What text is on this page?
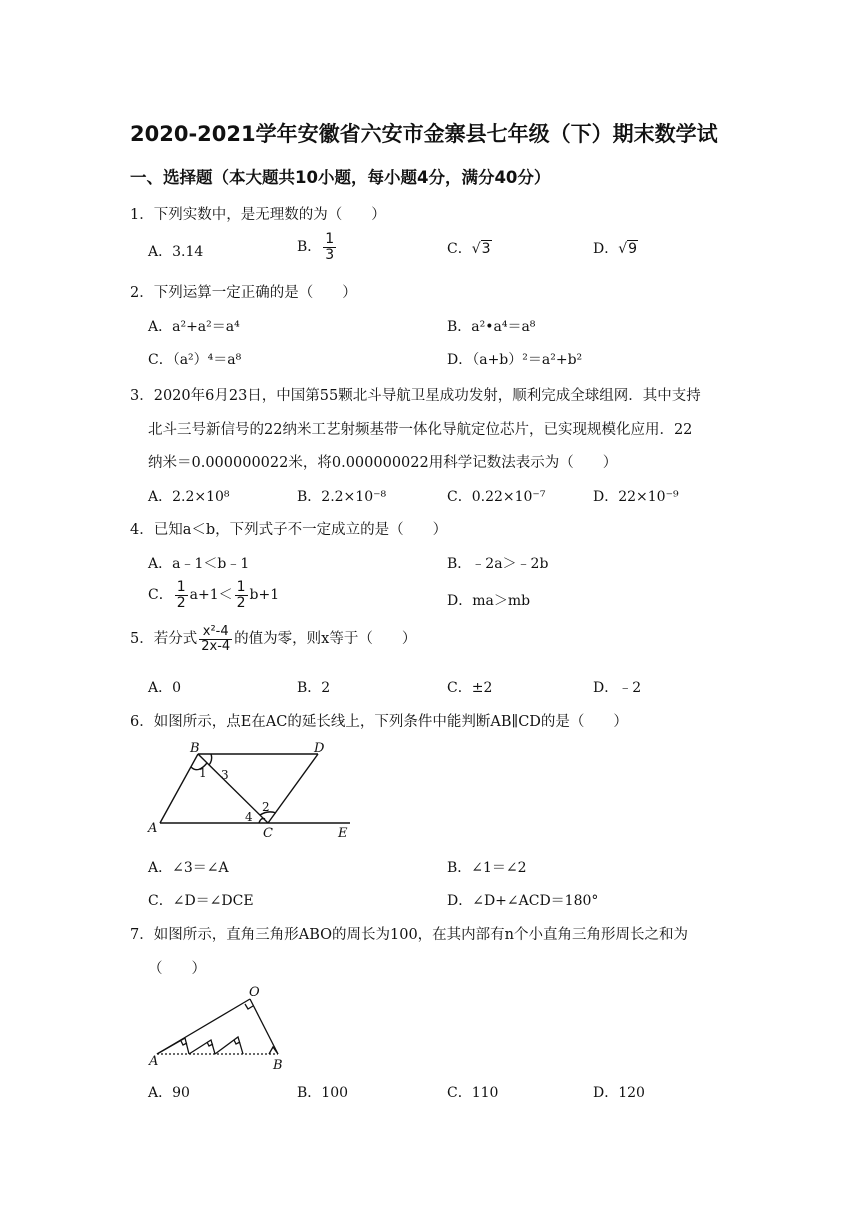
2020-2021学年安徽省六安市金寨县七年级（下）期末数学试
一、选择题（本大题共10小题，每小题4分，满分40分）
1．下列实数中，是无理数的为（　　）
A．3.14	B． $\frac{1}{3}$	C．√3	D．√9
2．下列运算一定正确的是（　　）
A．a²+a²＝a⁴	B．a²•a⁴＝a⁸
C．（a²）⁴＝a⁸	D．（a+b）²＝a²+b²
3．2020年6月23日，中国第55颗北斗导航卫星成功发射，顺利完成全球组网．其中支持
北斗三号新信号的22纳米工艺射频基带一体化导航定位芯片，已实现规模化应用．22
纳米＝0.000000022米，将0.000000022用科学记数法表示为（　　）
A．2.2×10⁸	B．2.2×10⁻⁸	C．0.22×10⁻⁷	D．22×10⁻⁹
4．已知a＜b，下列式子不一定成立的是（　　）
A．a﹣1＜b﹣1	B．﹣2a＞﹣2b
C． $\frac{1}{2} a+1< \frac{1}{2} b+1$	D．ma＞mb
5．若分式 $\frac{\text{x²-4}}{2x-4}$ 的值为零，则x等于（　　）
A．0	B．2	C．±2	D．﹣2
6．如图所示，点E在AC的延长线上，下列条件中能判断AB∥CD的是（　　）
B	D
A	C	E
1 3
2
4
A．∠3＝∠A	B．∠1＝∠2
C．∠D＝∠DCE	D．∠D+∠ACD＝180°
7．如图所示，直角三角形ABO的周长为100，在其内部有n个小直角三角形周长之和为
（　　）
O
A	B
A．90	B．100	C．110	D．120
